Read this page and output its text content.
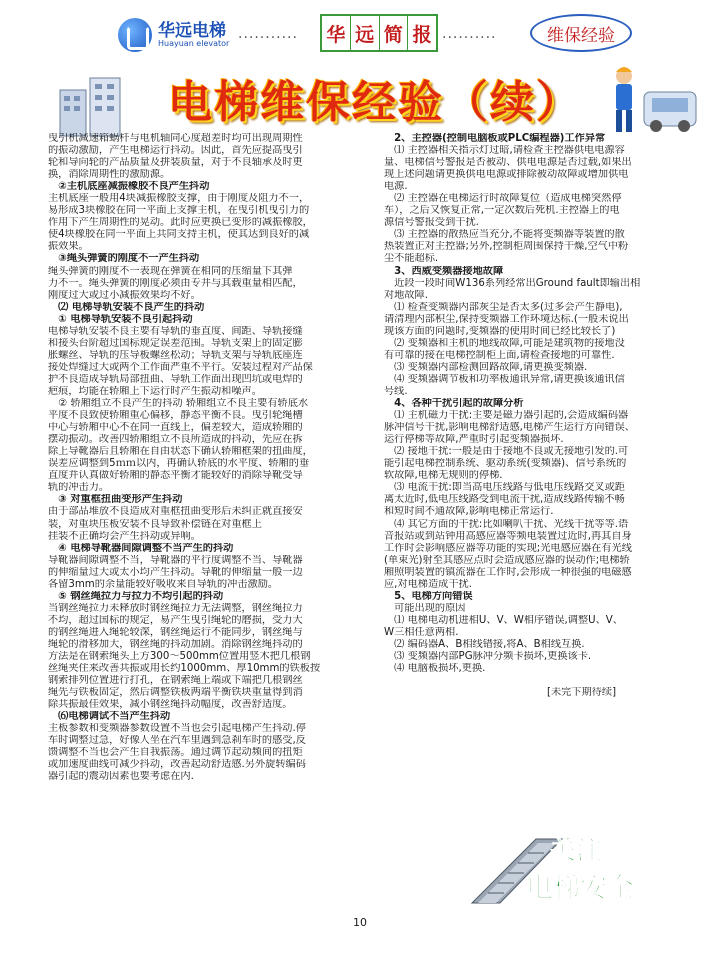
华远电梯
Huayuan elevator
........... 华 远 简 报 ..........	维保经验
电梯维保经验（续）

曳引机减速箱蜗杆与电机轴同心度超差时均可出现周期性

的振动激励，产生电梯运行抖动。因此，首先应提高曳引

轮和导向轮的产品质量及拼装质量，对于不良轴承及时更

换，消除周期性的激励源。

　②主机底座减振橡胶不良产生抖动

主机底座一般用4块减振橡胶支撑，由于刚度及阻力不一，

易形成3块橡胶在同一平面上支撑主机，在曳引机曳引力的

作用下产生周期性的晃动。此时应更换已变形的减振橡胶，

使4块橡胶在同一平面上共同支持主机，使其达到良好的减

振效果。

　③绳头弹簧的刚度不一产生抖动

绳头弹簧的刚度不一表现在弹簧在相同的压缩量下其弹

力不一。绳头弹簧的刚度必须由专井与其载重量相匹配，

刚度过大或过小减振效果均不好。

　⑵ 电梯导轨安装不良产生的抖动

　① 电梯导轨安装不良引起抖动

电梯导轨安装不良主要有导轨的垂直度、间距、导轨接缝

和接头台阶超过国标规定误差范围。导轨支架上的固定膨

胀螺丝、导轨的压导板螺丝松动；导轨支架与导轨底座连

接处焊缝过大或两个工作面严重不平行。安装过程对产品保

护不良造成导轨局部扭曲、导轨工作面出现凹坑或电焊的

疤痕，均能在轿厢上下运行时产生振动和噪声。

　② 轿厢组立不良产生的抖动 轿厢组立不良主要有轿底水

平度不良致使轿厢重心偏移，静态平衡不良。曳引轮绳槽

中心与轿厢中心不在同一直线上，偏差较大，造成轿厢的

摆动振动。改善四轿厢组立不良所造成的抖动，先应在拆

除上导靴器后且轿厢在自由状态下确认轿厢框架的扭曲度，

误差应调整到5ｍｍ以内，再确认轿底的水平度、轿厢的垂

直度并认真做好轿厢的静态平衡才能较好的消除导靴受导

轨的冲击力。

　③ 对重框扭曲变形产生抖动

由于部品堆放不良造成对重框扭曲变形后未纠正就直接安

装，对重块压板安装不良导致补偿链在对重框上

挂装不正确均会产生抖动或异响。

　④ 电梯导靴器间隙调整不当产生的抖动

导靴器间隙调整不当，导靴器的平行度调整不当、导靴器

的伸缩量过大或太小均产生抖动。导靴的伸缩量一般一边

各留3mm的余量能较好吸收来自导轨的冲击激励。

　⑤ 钢丝绳拉力与拉力不均引起的抖动

当钢丝绳拉力未释放时钢丝绳拉力无法调整，钢丝绳拉力

不均，超过国标的规定，易产生曳引绳轮的磨损，受力大

的钢丝绳进入绳轮较深，钢丝绳运行不能同步，钢丝绳与

绳轮的滑移加大，钢丝绳的抖动加剧。消除钢丝绳抖动的

方法是在钢索绳头上方300～500mm位置用竖木把几根钢

丝绳夹住来改善共振或用长约1000mm、厚10mm的铁板按

钢索排列位置进行打孔，在钢索绳上端或下端把几根钢丝

绳先与铁板固定，然后调整铁板两端平衡铁块重量得到消

除共振最佳效果，减小钢丝绳抖动幅度，改善舒适度。

　⑹电梯调试不当产生抖动

主板参数和变频器参数设置不当也会引起电梯产生抖动.停

车时调整过急，好像人坐在汽车里遇到急刹车时的感受,反

馈调整不当也会产生自我振荡。通过调节起动频间的扭矩

或加速度曲线可减少抖动，改善起动舒适感.另外旋转编码

器引起的震动因素也要考虑在内.

　2、主控器(控制电脑板或PLC编程器)工作异常

　⑴ 主控器相关指示灯过暗,请检查主控器供电电源容

量、电梯信号警报是否被动、供电电源是否过载,如果出

现上述问题请更换供电电源或排除被动故障或增加供电

电源.

　⑵ 主控器在电梯运行时故障复位（造成电梯突然停

车），之后又恢复正常,一定次数后死机.主控器上的电

源信号警报受到干扰.

　⑶ 主控器的散热应当充分,不能将变频器等装置的散

热装置正对主控器;另外,控制柜周围保持干燥,空气中粉

尘不能超标.

　3、西威变频器接地故障

　近段一段时间W136系列经常出Ground fault即输出相

对地故障.

　⑴ 检查变频器内部灰尘是否太多(过多会产生静电),

请清理内部积尘,保持变频器工作环境达标.(一般未说出

现该方面的问题时,变频器的使用时间已经比较长了)

　⑵ 变频器和主机的地线故障,可能是建筑物的接地没

有可靠的接在电梯控制柜上面,请检查接地的可靠性.

　⑶ 变频器内部检测回路故障,请更换变频器.

　⑷ 变频器调节板和功率板通讯异常,请更换该通讯信

号线.

　4、各种干扰引起的故障分析

　⑴ 主机磁力干扰:主要是磁力器引起的,会造成编码器

脉冲信号干扰,影响电梯舒适感,电梯产生运行方向错误、

运行停梯等故障,严重时引起变频器损坏.

　⑵ 接地干扰:一般是由于接地不良或无接地引发的.可

能引起电梯控制系统、驱动系统(变频器)、信号系统的

软故障,电梯无规则的停梯.

　⑶ 电流干扰:即当高电压线路与低电压线路交叉或距

离太近时,低电压线路受到电流干扰,造成线路传输不畅

和短时间不通故障,影响电梯正常运行.

　⑷ 其它方面的干扰:比如喇叭干扰、光线干扰等等.语

音报站或到站钟用高感应器等频电装置过近时,再其自身

工作时会影响感应器等功能的实现;光电感应器在有光线

(单束光)射至其感应点时会造成感应器的误动作;电梯轿

厢照明装置的镇流器在工作时,会形成一种很强的电磁感

应,对电梯造成干扰.

　5、电梯方向错误

　可能出现的原因

　⑴ 电梯电动机进相U、V、W相序错误,调整U、V、

W三相任意两相.

　⑵ 编码器A、B相线错接,将A、B相线互换.

　⑶ 变频器内部PG脉冲分频卡损坏,更换该卡.

　⑷ 电脑板损坏,更换.

　　　　　　　　　　　　　　　　[未完下期待续]

关注
电梯安全
10
